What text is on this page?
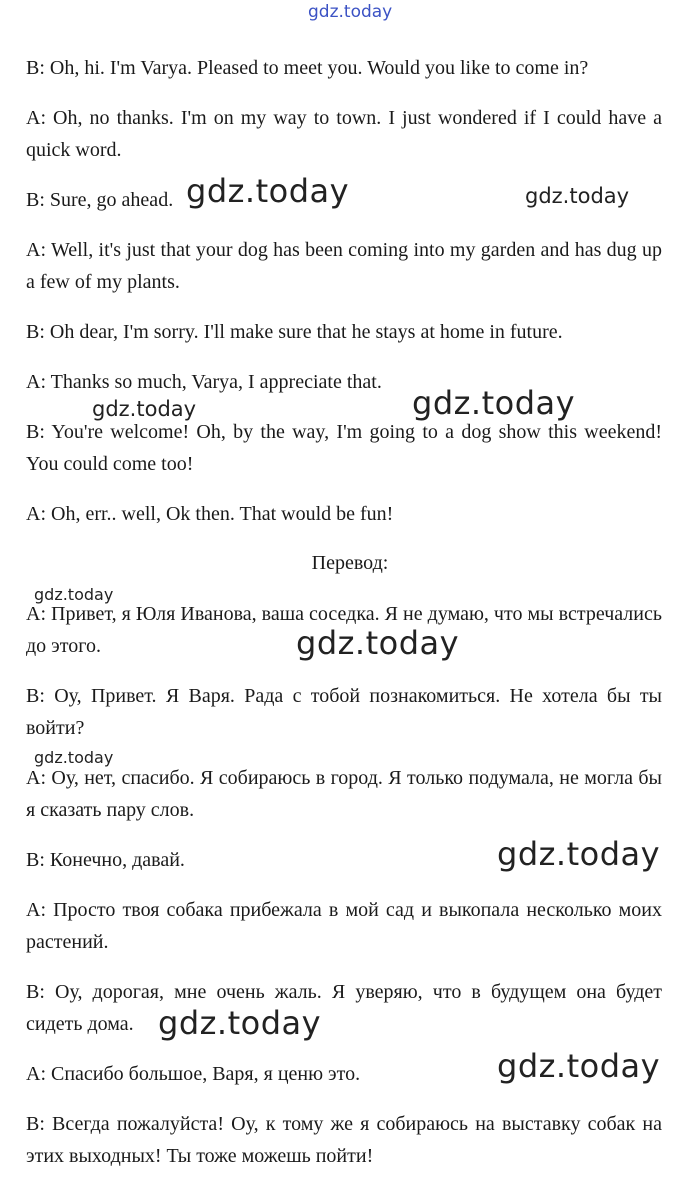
gdz.today

B: Oh, hi. I'm Varya. Pleased to meet you. Would you like to come in?

A: Oh, no thanks. I'm on my way to town. I just wondered if I could have a quick word.

B: Sure, go ahead.

A: Well, it's just that your dog has been coming into my garden and has dug up a few of my plants.

B: Oh dear, I'm sorry. I'll make sure that he stays at home in future.

A: Thanks so much, Varya, I appreciate that.

B: You're welcome! Oh, by the way, I'm going to a dog show this weekend! You could come too!

A: Oh, err.. well, Ok then. That would be fun!

Перевод:

A: Привет, я Юля Иванова, ваша соседка. Я не думаю, что мы встречались до этого.

B: Оу, Привет. Я Варя. Рада с тобой познакомиться. Не хотела бы ты войти?

A: Оу, нет, спасибо. Я собираюсь в город. Я только подумала, не могла бы я сказать пару слов.

B: Конечно, давай.

A: Просто твоя собака прибежала в мой сад и выкопала несколько моих растений.

B: Оу, дорогая, мне очень жаль. Я уверяю, что в будущем она будет сидеть дома.

A: Спасибо большое, Варя, я ценю это.

B: Всегда пожалуйста! Оу, к тому же я собираюсь на выставку собак на этих выходных! Ты тоже можешь пойти!

gdz.today	gdz.today
gdz.today	gdz.today
gdz.today
gdz.today
gdz.today
gdz.today
gdz.today
gdz.today
